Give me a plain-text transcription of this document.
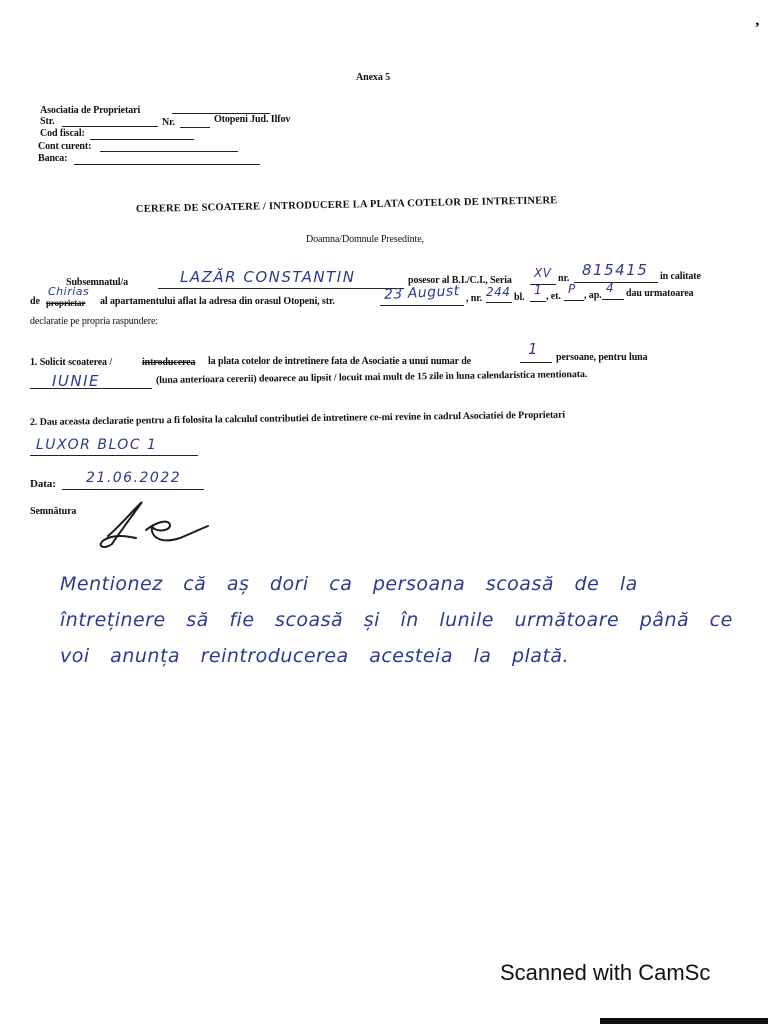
‚
Anexa 5
Asociatia de Proprietari
Str.	Nr.	Otopeni Jud. Ilfov
Cod fiscal:
Cont curent:
Banca:
CERERE DE SCOATERE / INTRODUCERE LA PLATA COTELOR DE INTRETINERE
Doamna/Domnule Presedinte,
Subsemnatul/a	LAZĂR CONSTANTIN	posesor al B.I./C.I., Seria
XV nr. 815415 in calitate
de
Chirias
proprietar al apartamentului aflat la adresa din orasul Otopeni, str.	23 August , nr. 244 bl.
1 , et.
P , ap.
4 dau urmatoarea
declaratie pe propria raspundere:
1. Solicit scoaterea /	introducerea la plata cotelor de intretinere fata de Asociatie a unui numar de
1 persoane, pentru luna
IUNIE	(luna anterioara cererii) deoarece au lipsit / locuit mai mult de 15 zile in luna calendaristica mentionata.
2. Dau aceasta declaratie pentru a fi folosita la calculul contributiei de intretinere ce-mi revine in cadrul Asociatiei de Proprietari
LUXOR BLOC 1
Data: 21.06.2022
Semnătura
Mentionez că aș dori ca persoana scoasă de la întreținere să fie scoasă și în lunile următoare până ce voi anunța reintroducerea acesteia la plată.
Scanned with CamSc
